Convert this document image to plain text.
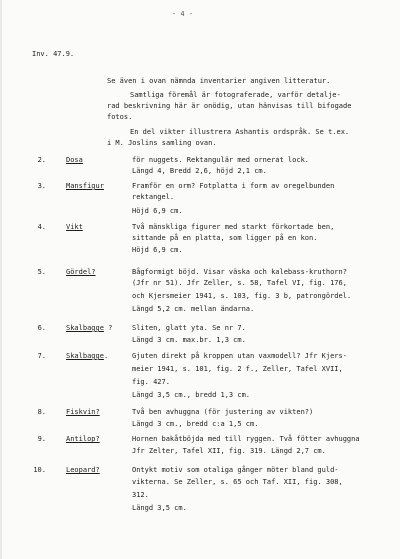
- 4 -
Inv. 47.9.
Se även i ovan nämnda inventarier angiven litteratur.
Samtliga föremål är fotograferade, varför detalje-
rad beskrivning här är onödig, utan hänvisas till bifogade
fotos.
En del vikter illustrera Ashantis ordspråk. Se t.ex.
i M. Joslins samling ovan.
2.	Dosa	för nuggets. Rektangulär med ornerat lock.
Längd 4, Bredd 2,6, höjd 2,1 cm.
3.	Mansfigur	Framför en orm? Fotplatta i form av oregelbunden
rektangel.
Höjd 6,9 cm.
4.	Vikt	Två mänskliga figurer med starkt förkortade ben,
sittande på en platta, som ligger på en kon.
Höjd 6,9 cm.
5.	Gördel?	Bågformigt böjd. Visar väska och kalebass-kruthorn?
(Jfr nr 51). Jfr Zeller, s. 58, Tafel VI, fig. 176,
och Kjersmeier 1941, s. 103, fig. 3 b, patrongördel.
Längd 5,2 cm. mellan ändarna.
6.	Skalbagge ?	Sliten, glatt yta. Se nr 7.
Längd 3 cm. max.br. 1,3 cm.
7.	Skalbagge.	Gjuten direkt på kroppen utan vaxmodell? Jfr Kjers-
meier 1941, s. 101, fig. 2 f., Zeller, Tafel XVII,
fig. 427.
Längd 3,5 cm., bredd 1,3 cm.
8.	Fiskvin?	Två ben avhuggna (för justering av vikten?)
Längd 3 cm., bredd c:a 1,5 cm.
9.	Antilop?	Hornen bakåtböjda med till ryggen. Två fötter avhuggna
Jfr Zelter, Tafel XII, fig. 319. Längd 2,7 cm.
10.	Leopard?	Ontykt motiv som otaliga gånger möter bland guld-
vikterna. Se Zeller, s. 65 och Taf. XII, fig. 308,
312.
Längd 3,5 cm.
